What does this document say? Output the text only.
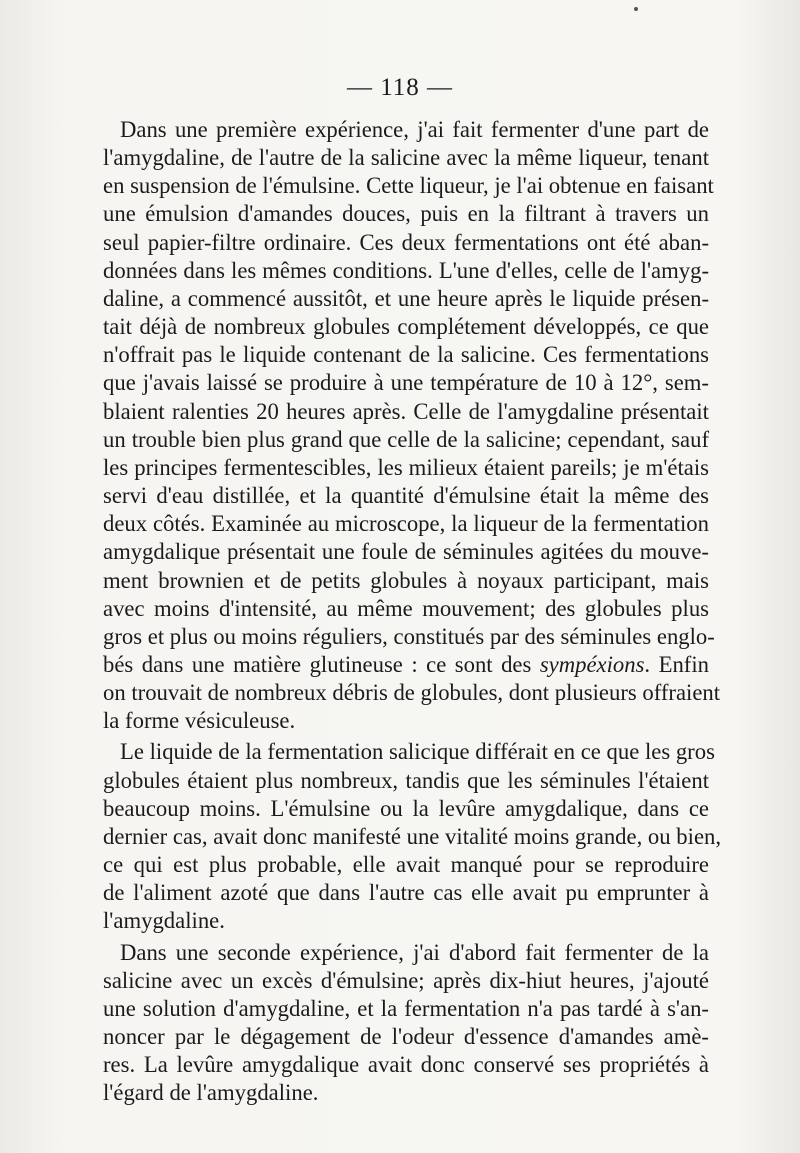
— 118 —
Dans une première expérience, j'ai fait fermenter d'une part de
l'amygdaline, de l'autre de la salicine avec la même liqueur, tenant
en suspension de l'émulsine. Cette liqueur, je l'ai obtenue en faisant
une émulsion d'amandes douces, puis en la filtrant à travers un
seul papier-filtre ordinaire. Ces deux fermentations ont été aban-
données dans les mêmes conditions. L'une d'elles, celle de l'amyg-
daline, a commencé aussitôt, et une heure après le liquide présen-
tait déjà de nombreux globules complétement développés, ce que
n'offrait pas le liquide contenant de la salicine. Ces fermentations
que j'avais laissé se produire à une température de 10 à 12°, sem-
blaient ralenties 20 heures après. Celle de l'amygdaline présentait
un trouble bien plus grand que celle de la salicine; cependant, sauf
les principes fermentescibles, les milieux étaient pareils; je m'étais
servi d'eau distillée, et la quantité d'émulsine était la même des
deux côtés. Examinée au microscope, la liqueur de la fermentation
amygdalique présentait une foule de séminules agitées du mouve-
ment brownien et de petits globules à noyaux participant, mais
avec moins d'intensité, au même mouvement; des globules plus
gros et plus ou moins réguliers, constitués par des séminules englo-
bés dans une matière glutineuse : ce sont des sympéxions. Enfin
on trouvait de nombreux débris de globules, dont plusieurs offraient
la forme vésiculeuse.
Le liquide de la fermentation salicique différait en ce que les gros
globules étaient plus nombreux, tandis que les séminules l'étaient
beaucoup moins. L'émulsine ou la levûre amygdalique, dans ce
dernier cas, avait donc manifesté une vitalité moins grande, ou bien,
ce qui est plus probable, elle avait manqué pour se reproduire
de l'aliment azoté que dans l'autre cas elle avait pu emprunter à
l'amygdaline.
Dans une seconde expérience, j'ai d'abord fait fermenter de la
salicine avec un excès d'émulsine; après dix-hiut heures, j'ajouté
une solution d'amygdaline, et la fermentation n'a pas tardé à s'an-
noncer par le dégagement de l'odeur d'essence d'amandes amè-
res. La levûre amygdalique avait donc conservé ses propriétés à
l'égard de l'amygdaline.
